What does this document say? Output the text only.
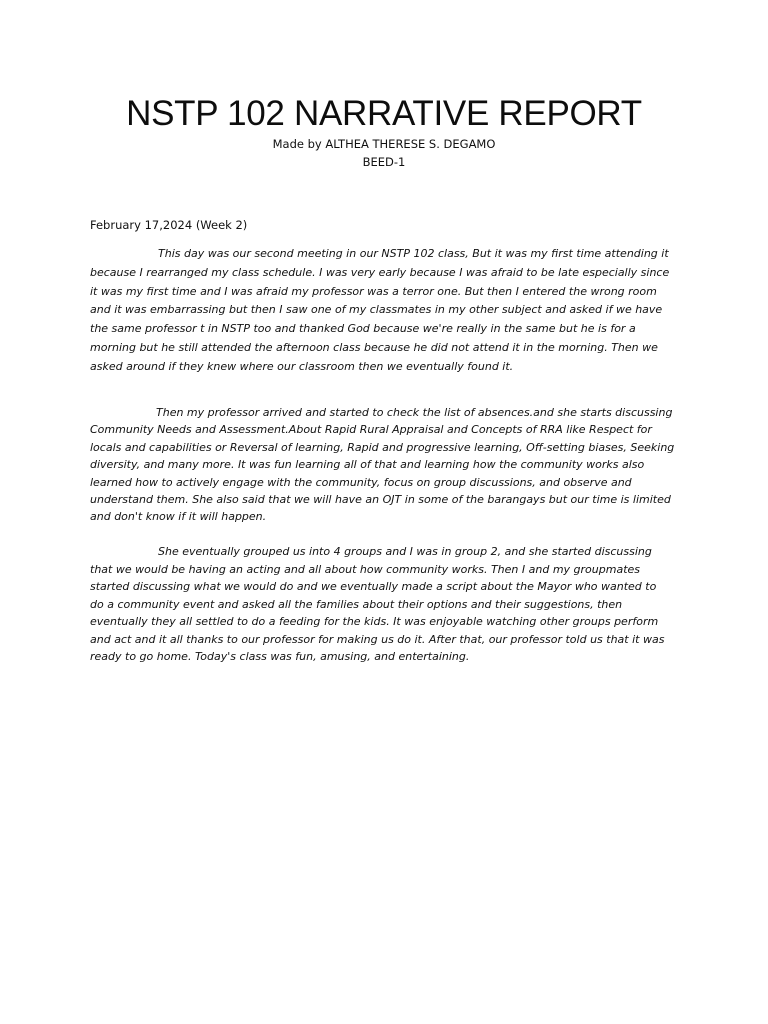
NSTP 102 NARRATIVE REPORT
Made by ALTHEA THERESE S. DEGAMO
BEED-1
February 17,2024 (Week 2)

This day was our second meeting in our NSTP 102 class, But it was my first time attending it
because I rearranged my class schedule. I was very early because I was afraid to be late especially since
it was my first time and I was afraid my professor was a terror one. But then I entered the wrong room
and it was embarrassing but then I saw one of my classmates in my other subject and asked if we have
the same professor t in NSTP too and thanked God because we're really in the same but he is for a
morning but he still attended the afternoon class because he did not attend it in the morning. Then we
asked around if they knew where our classroom then we eventually found it.

Then my professor arrived and started to check the list of absences.and she starts discussing
Community Needs and Assessment.About Rapid Rural Appraisal and Concepts of RRA like Respect for
locals and capabilities or Reversal of learning, Rapid and progressive learning, Off-setting biases, Seeking
diversity, and many more. It was fun learning all of that and learning how the community works also
learned how to actively engage with the community, focus on group discussions, and observe and
understand them. She also said that we will have an OJT in some of the barangays but our time is limited
and don't know if it will happen.

She eventually grouped us into 4 groups and I was in group 2, and she started discussing
that we would be having an acting and all about how community works. Then I and my groupmates
started discussing what we would do and we eventually made a script about the Mayor who wanted to
do a community event and asked all the families about their options and their suggestions, then
eventually they all settled to do a feeding for the kids. It was enjoyable watching other groups perform
and act and it all thanks to our professor for making us do it. After that, our professor told us that it was
ready to go home. Today's class was fun, amusing, and entertaining.
